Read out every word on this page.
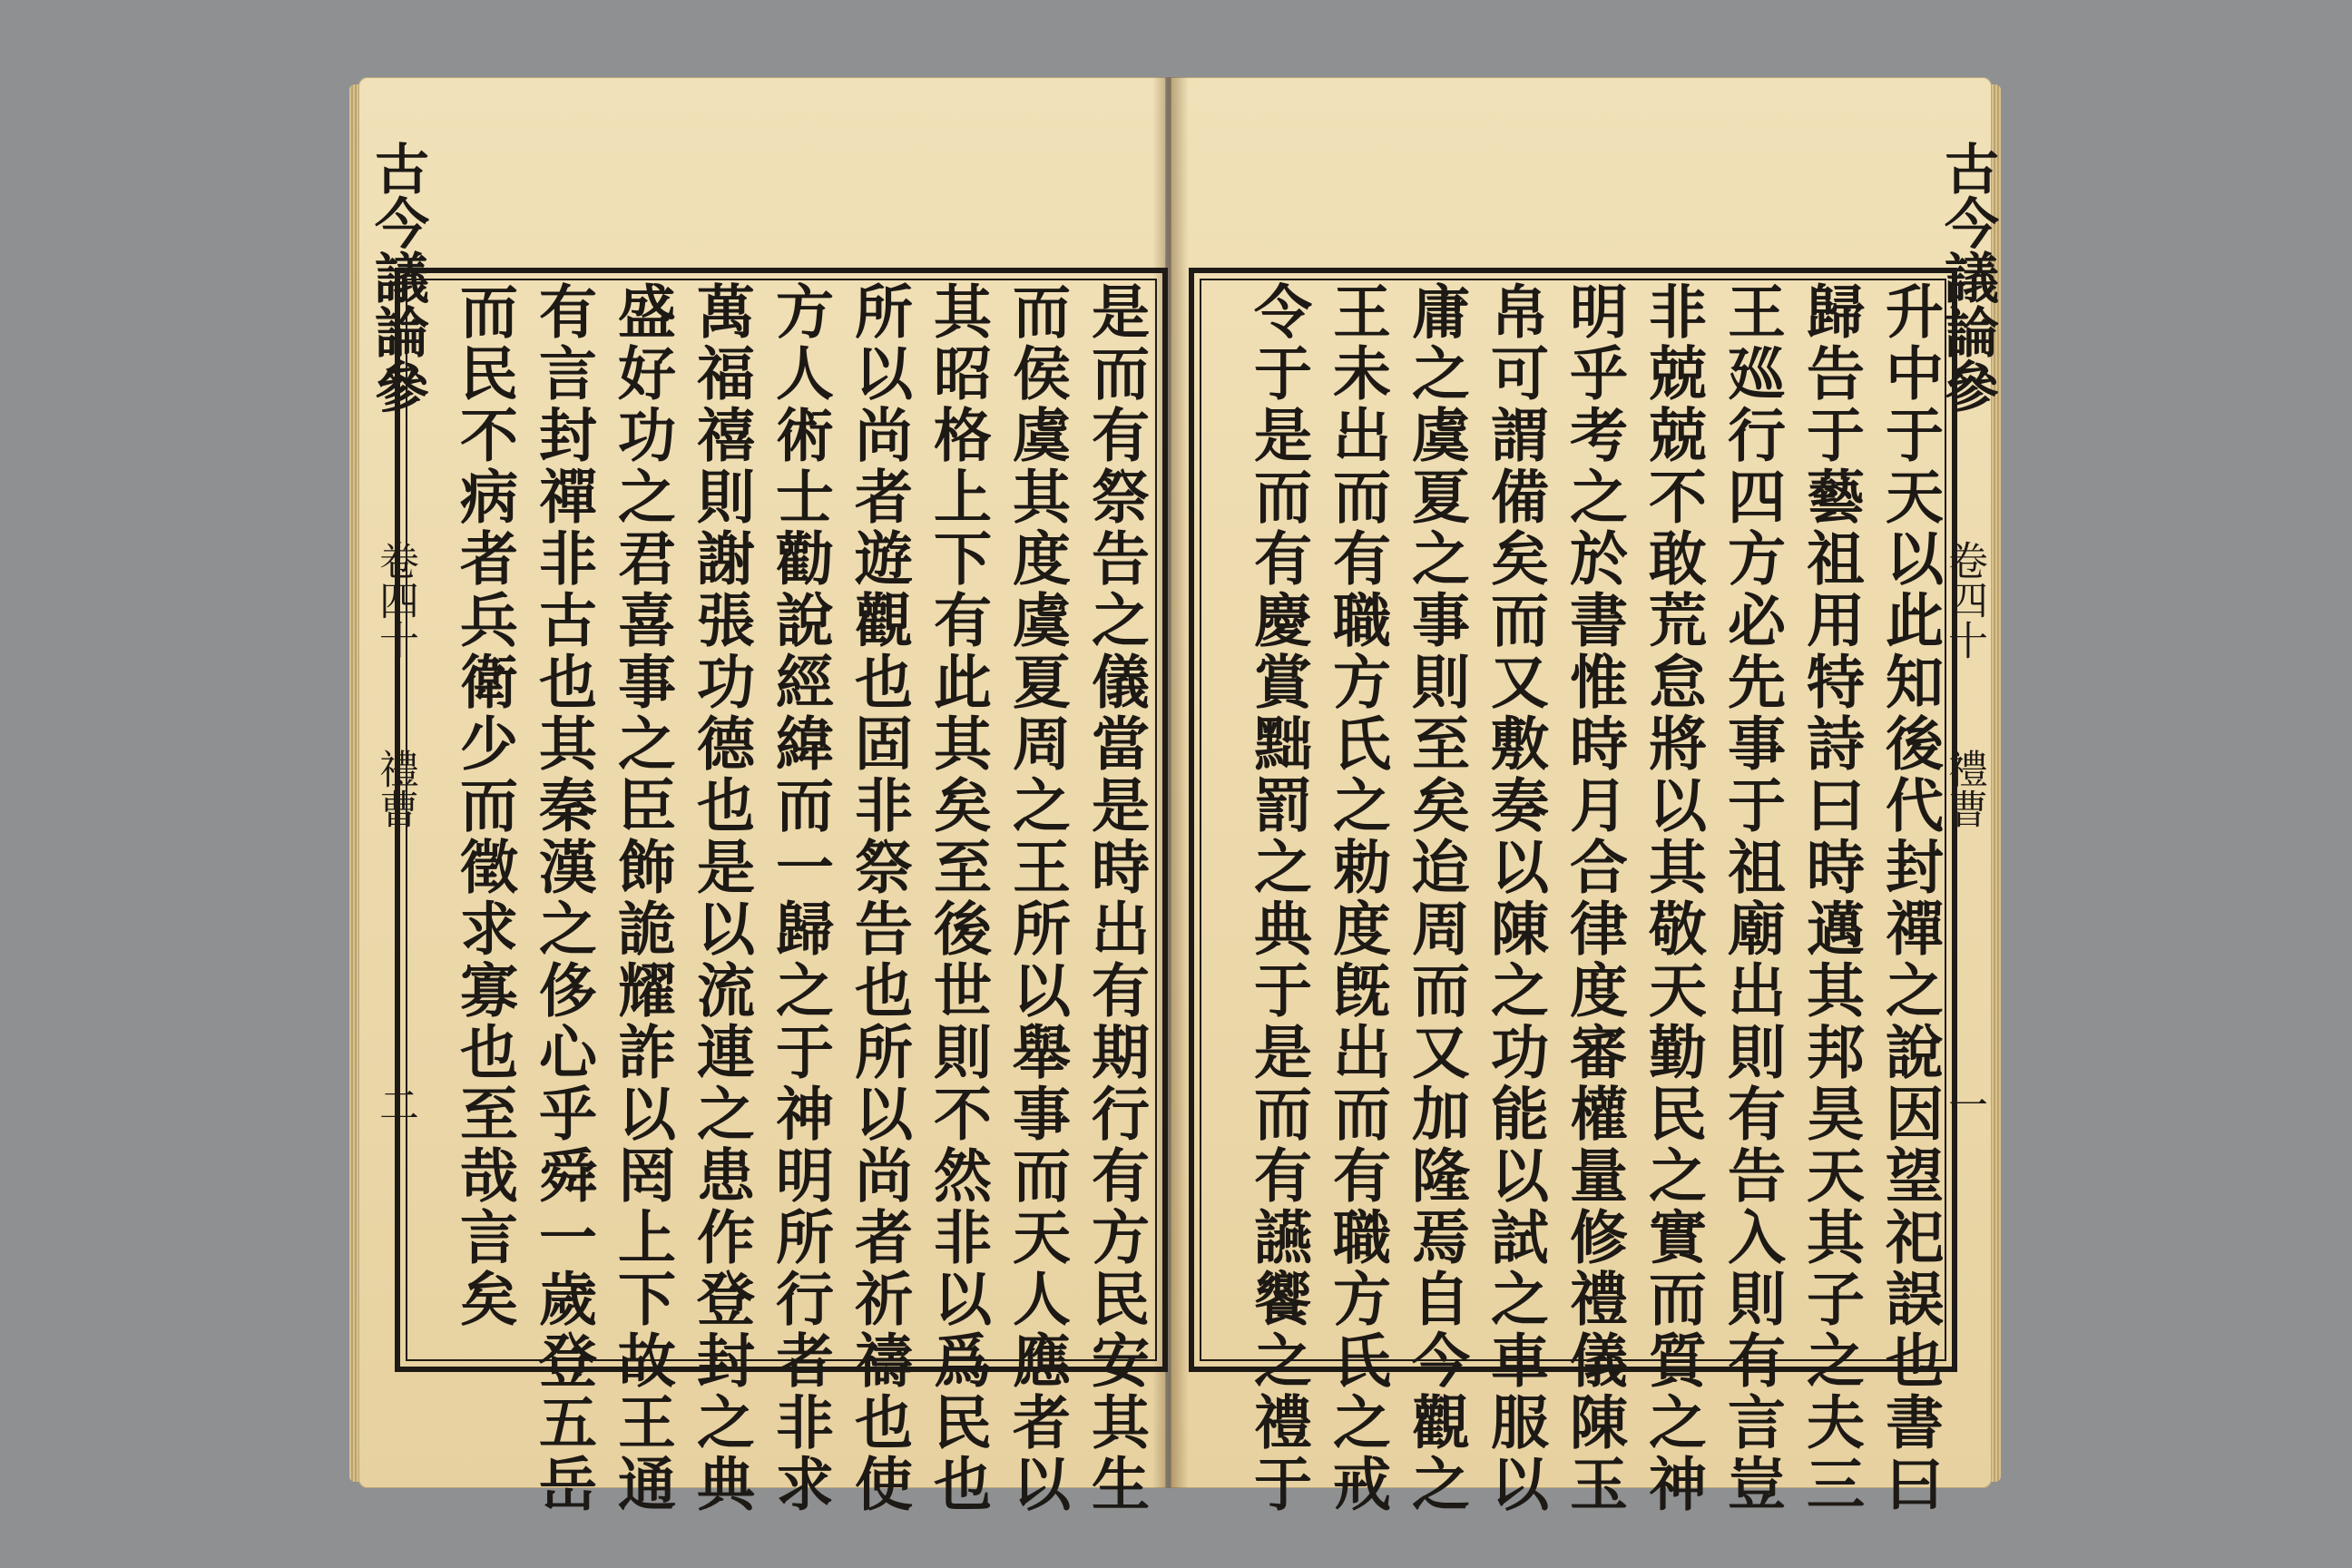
古今議論參
卷四十
禮曹
二
古今議論參
卷四十
禮曹
一
升中于天以此知後代封禪之說因望祀誤也書曰
歸告于藝祖用特詩曰時邁其邦昊天其子之夫三
王廵行四方必先事于祖廟出則有告入則有言豈
非兢兢不敢荒怠將以其敬天勤民之實而質之神
明乎考之於書惟時月合律度審權量修禮儀陳玉
帛可謂備矣而又敷奏以陳之功能以試之車服以
庸之虞夏之事則至矣迨周而又加隆焉自今觀之
王未出而有職方氏之勅度旣出而有職方氏之戒
令于是而有慶賞黜罰之典于是而有讌饗之禮于
是而有祭告之儀當是時出有期行有方民安其生
而侯虞其度虞夏周之王所以舉事而天人應者以
其昭格上下有此其矣至後世則不然非以爲民也
所以尚者遊觀也固非祭告也所以尚者祈禱也使
方人術士勸說經緯而一歸之于神明所行者非求
萬福禧則謝張功德也是以流連之患作登封之典
盛好功之君喜事之臣飾詭耀詐以罔上下故王通
有言封禪非古也其秦漢之侈心乎舜一歲登五岳
而民不病者兵衛少而徵求寡也至哉言矣
